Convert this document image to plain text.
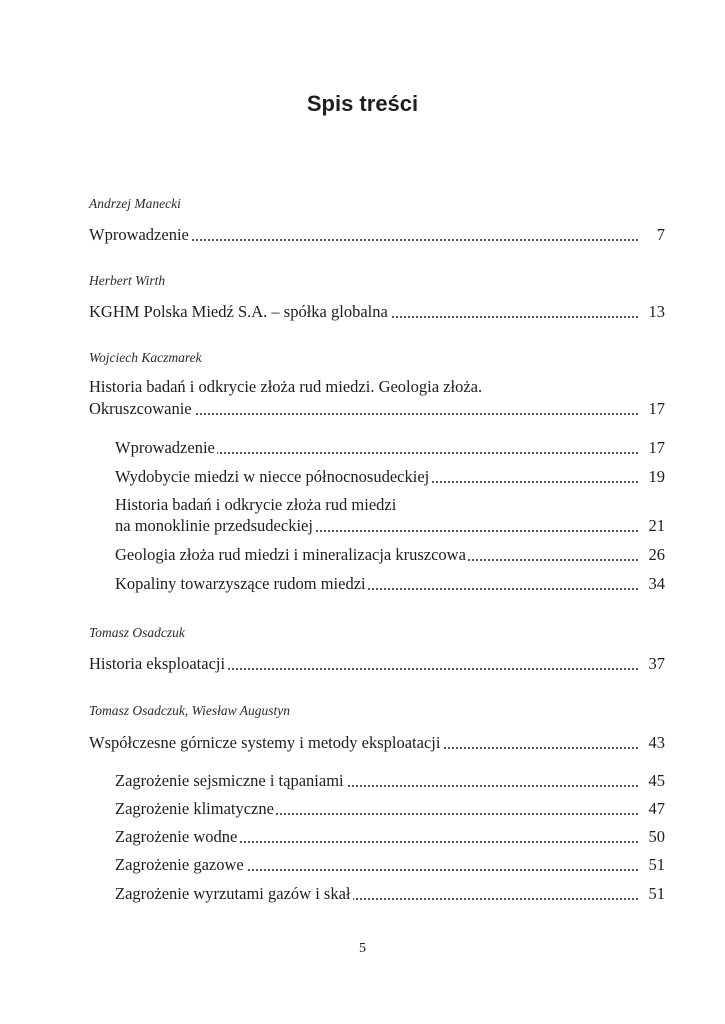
Spis treści
Andrzej Manecki
Wprowadzenie	7
Herbert Wirth
KGHM Polska Miedź S.A. – spółka globalna	13
Wojciech Kaczmarek
Historia badań i odkrycie złoża rud miedzi. Geologia złoża.
Okruszcowanie	17
Wprowadzenie	17
Wydobycie miedzi w niecce północnosudeckiej	19
Historia badań i odkrycie złoża rud miedzi
na monoklinie przedsudeckiej	21
Geologia złoża rud miedzi i mineralizacja kruszcowa	26
Kopaliny towarzyszące rudom miedzi	34
Tomasz Osadczuk
Historia eksploatacji	37
Tomasz Osadczuk, Wiesław Augustyn
Współczesne górnicze systemy i metody eksploatacji	43
Zagrożenie sejsmiczne i tąpaniami	45
Zagrożenie klimatyczne	47
Zagrożenie wodne	50
Zagrożenie gazowe	51
Zagrożenie wyrzutami gazów i skał	51
5
